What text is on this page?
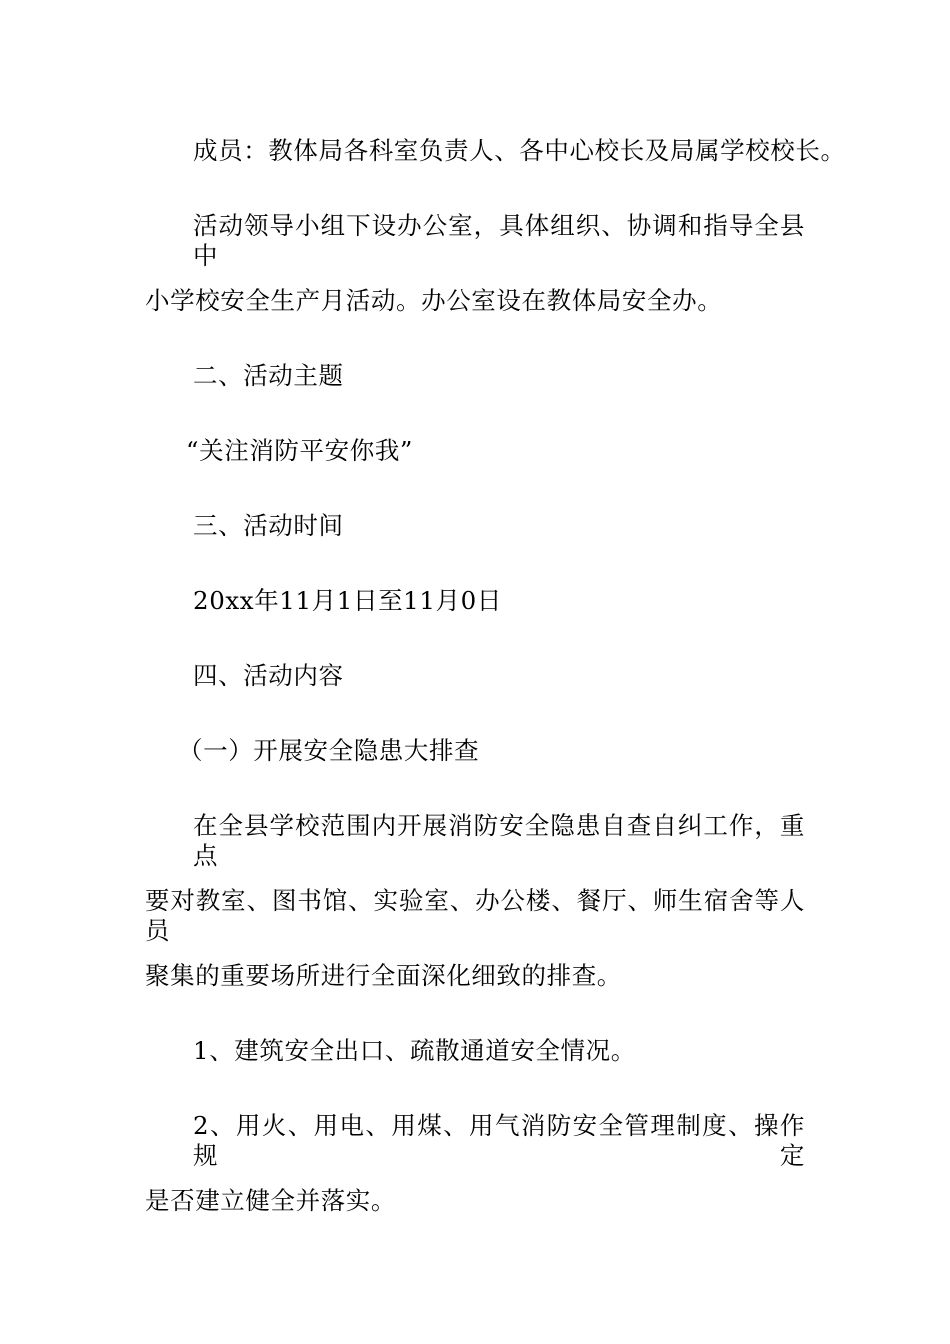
成员：教体局各科室负责人、各中心校长及局属学校校长。
活动领导小组下设办公室，具体组织、协调和指导全县中
小学校安全生产月活动。办公室设在教体局安全办。
二、活动主题
“关注消防平安你我”
三、活动时间
20xx年11月1日至11月0日
四、活动内容
（一）开展安全隐患大排查
在全县学校范围内开展消防安全隐患自查自纠工作，重点
要对教室、图书馆、实验室、办公楼、餐厅、师生宿舍等人员
聚集的重要场所进行全面深化细致的排查。
1、建筑安全出口、疏散通道安全情况。
2、用火、用电、用煤、用气消防安全管理制度、操作规定
是否建立健全并落实。
